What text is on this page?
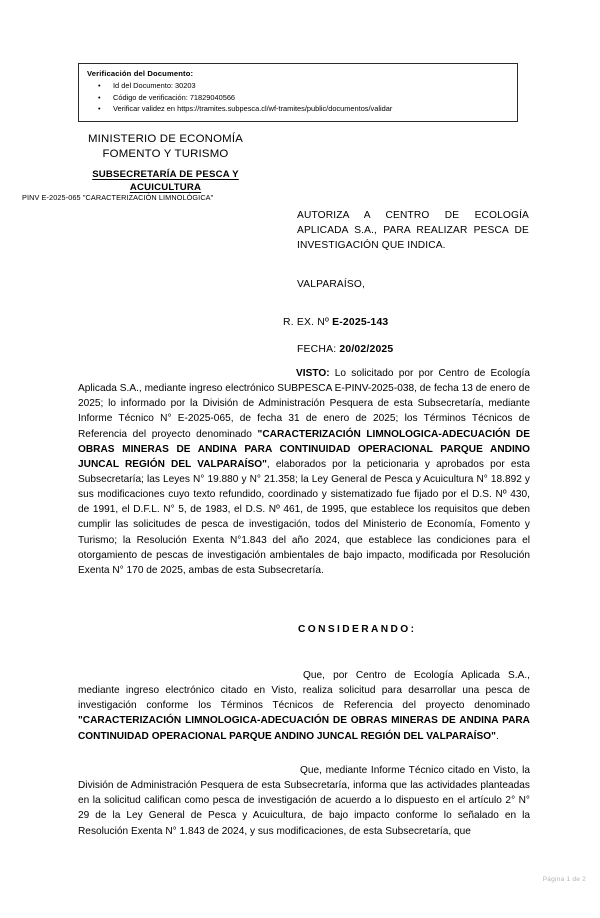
Verificación del Documento:
• Id del Documento: 30203
• Código de verificación: 71829040566
• Verificar validez en https://tramites.subpesca.cl/wf-tramites/public/documentos/validar
MINISTERIO DE ECONOMÍA
FOMENTO Y TURISMO
SUBSECRETARÍA DE PESCA Y
ACUICULTURA
PINV E-2025-065 "CARACTERIZACIÓN LIMNOLÓGICA"
AUTORIZA A CENTRO DE ECOLOGÍA APLICADA S.A., PARA REALIZAR PESCA DE INVESTIGACIÓN QUE INDICA.
VALPARAÍSO,
R. EX. Nº E-2025-143
FECHA: 20/02/2025

VISTO: Lo solicitado por por Centro de Ecología Aplicada S.A., mediante ingreso electrónico SUBPESCA E-PINV-2025-038, de fecha 13 de enero de 2025; lo informado por la División de Administración Pesquera de esta Subsecretaría, mediante Informe Técnico N° E-2025-065, de fecha 31 de enero de 2025; los Términos Técnicos de Referencia del proyecto denominado "CARACTERIZACIÓN LIMNOLOGICA-ADECUACIÓN DE OBRAS MINERAS DE ANDINA PARA CONTINUIDAD OPERACIONAL PARQUE ANDINO JUNCAL REGIÓN DEL VALPARAÍSO", elaborados por la peticionaria y aprobados por esta Subsecretaría; las Leyes N° 19.880 y N° 21.358; la Ley General de Pesca y Acuicultura N° 18.892 y sus modificaciones cuyo texto refundido, coordinado y sistematizado fue fijado por el D.S. Nº 430, de 1991, el D.F.L. N° 5, de 1983, el D.S. Nº 461, de 1995, que establece los requisitos que deben cumplir las solicitudes de pesca de investigación, todos del Ministerio de Economía, Fomento y Turismo; la Resolución Exenta N°1.843 del año 2024, que establece las condiciones para el otorgamiento de pescas de investigación ambientales de bajo impacto, modificada por Resolución Exenta N° 170 de 2025, ambas de esta Subsecretaría.

CONSIDERANDO:

Que, por Centro de Ecología Aplicada S.A., mediante ingreso electrónico citado en Visto, realiza solicitud para desarrollar una pesca de investigación conforme los Términos Técnicos de Referencia del proyecto denominado "CARACTERIZACIÓN LIMNOLOGICA-ADECUACIÓN DE OBRAS MINERAS DE ANDINA PARA CONTINUIDAD OPERACIONAL PARQUE ANDINO JUNCAL REGIÓN DEL VALPARAÍSO".

Que, mediante Informe Técnico citado en Visto, la División de Administración Pesquera de esta Subsecretaría, informa que las actividades planteadas en la solicitud califican como pesca de investigación de acuerdo a lo dispuesto en el artículo 2° N° 29 de la Ley General de Pesca y Acuicultura, de bajo impacto conforme lo señalado en la Resolución Exenta N° 1.843 de 2024, y sus modificaciones, de esta Subsecretaría, que

Página 1 de 2
